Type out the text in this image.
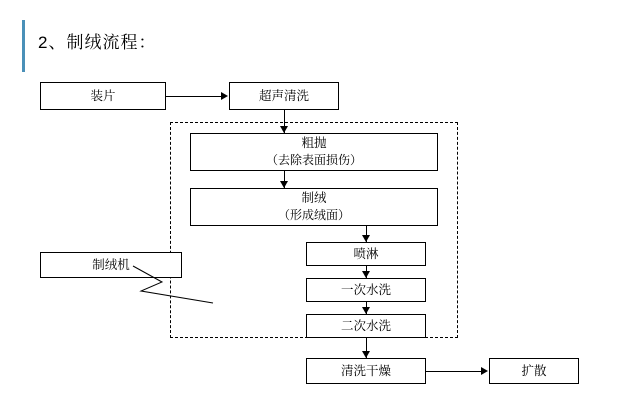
2、制绒流程：
装片	超声清洗
粗抛
（去除表面损伤）
制绒
（形成绒面）
喷淋
一次水洗
二次水洗
清洗干燥	扩散
制绒机
